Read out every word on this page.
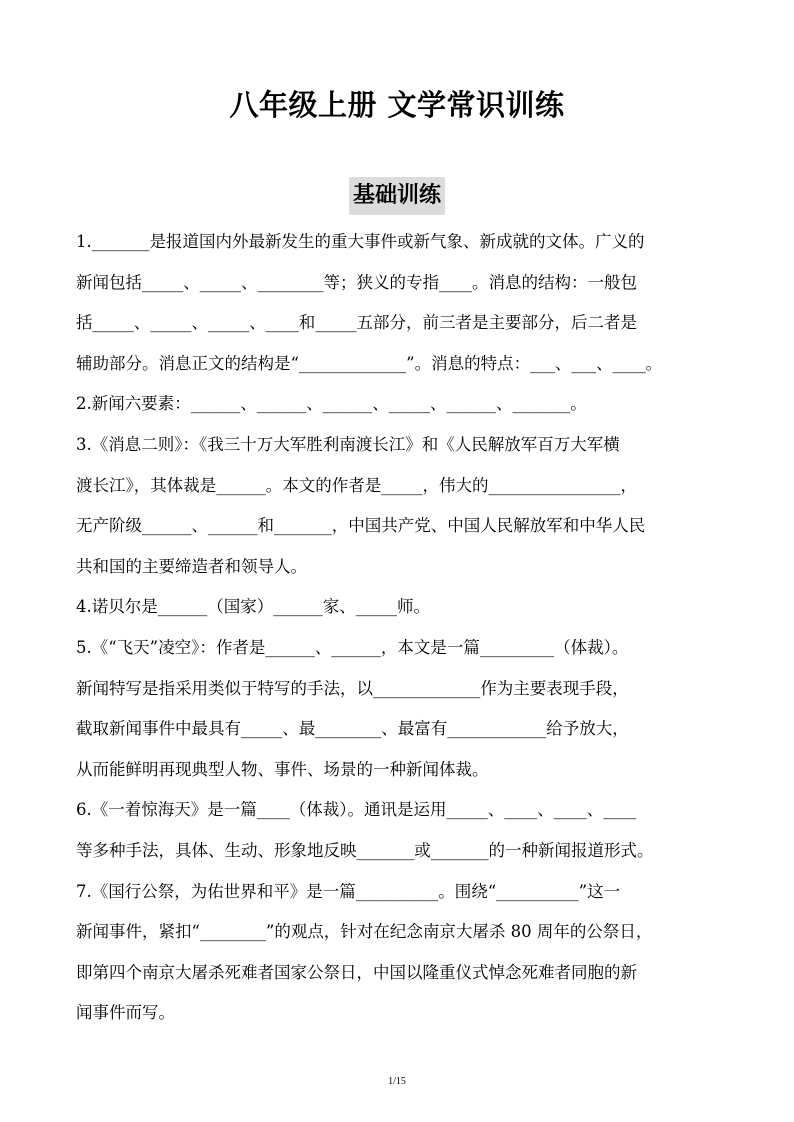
八年级上册 文学常识训练
基础训练
1._______是报道国内外最新发生的重大事件或新气象、新成就的文体。广义的
新闻包括_____、_____、________等；狭义的专指____。消息的结构：一般包
括_____、_____、_____、____和_____五部分，前三者是主要部分，后二者是
辅助部分。消息正文的结构是“_____________”。消息的特点：___、___、____。
2.新闻六要素：______、______、______、_____、______、_______。
3.《消息二则》：《我三十万大军胜利南渡长江》和《人民解放军百万大军横
渡长江》，其体裁是______。本文的作者是_____，伟大的________________，
无产阶级______、______和_______，中国共产党、中国人民解放军和中华人民
共和国的主要缔造者和领导人。
4.诺贝尔是______（国家）______家、_____师。
5.《“飞天”凌空》：作者是______、______，本文是一篇_________（体裁）。
新闻特写是指采用类似于特写的手法，以_____________作为主要表现手段，
截取新闻事件中最具有_____、最________、最富有____________给予放大，
从而能鲜明再现典型人物、事件、场景的一种新闻体裁。
6.《一着惊海天》是一篇____（体裁）。通讯是运用_____、____、____、____
等多种手法，具体、生动、形象地反映_______或_______的一种新闻报道形式。
7.《国行公祭，为佑世界和平》是一篇__________。围绕“__________”这一
新闻事件，紧扣“________”的观点，针对在纪念南京大屠杀 80 周年的公祭日，
即第四个南京大屠杀死难者国家公祭日，中国以隆重仪式悼念死难者同胞的新
闻事件而写。
1/15
